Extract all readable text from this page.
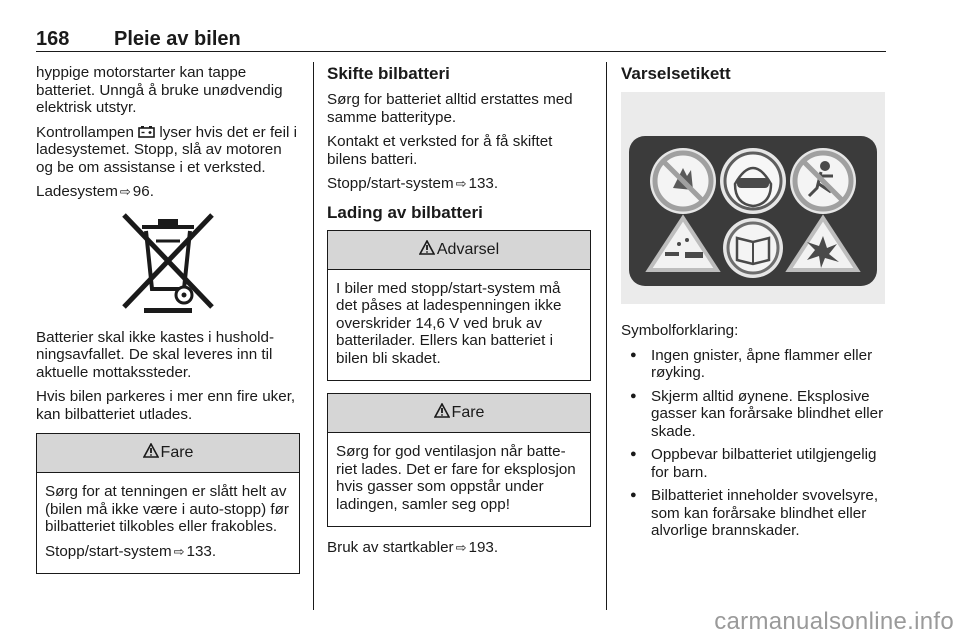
168 Pleie av bilen

hyppige motorstarter kan tappe batteriet. Unngå å bruke unødvendig elektrisk utstyr.

Kontrollampen  lyser hvis det er feil i ladesystemet. Stopp, slå av motoren og be om assistanse i et verksted.

Ladesystem ⇨ 96.

Batterier skal ikke kastes i husholdningsavfallet. De skal leveres inn til aktuelle mottakssteder.

Hvis bilen parkeres i mer enn fire uker, kan bilbatteriet utlades.

Fare

Sørg for at tenningen er slått helt av (bilen må ikke være i auto-stopp) før bilbatteriet tilkobles eller frakobles.

Stopp/start-system ⇨ 133.

Skifte bilbatteri

Sørg for batteriet alltid erstattes med samme batteritype.

Kontakt et verksted for å få skiftet bilens batteri.

Stopp/start-system ⇨ 133.

Lading av bilbatteri
Advarsel

I biler med stopp/start-system må det påses at ladespenningen ikke overskrider 14,6 V ved bruk av batterilader. Ellers kan batteriet i bilen bli skadet.

Fare

Sørg for god ventilasjon når batteriet lades. Det er fare for eksplosjon hvis gasser som oppstår under ladingen, samler seg opp!

Bruk av startkabler ⇨ 193.

Varselsetikett

Symbolforklaring:

● Ingen gnister, åpne flammer eller røyking.
● Skjerm alltid øynene. Eksplosive gasser kan forårsake blindhet eller skade.
● Oppbevar bilbatteriet utilgjengelig for barn.
● Bilbatteriet inneholder svovelsyre, som kan forårsake blindhet eller alvorlige brannskader.
carmanualsonline.info
